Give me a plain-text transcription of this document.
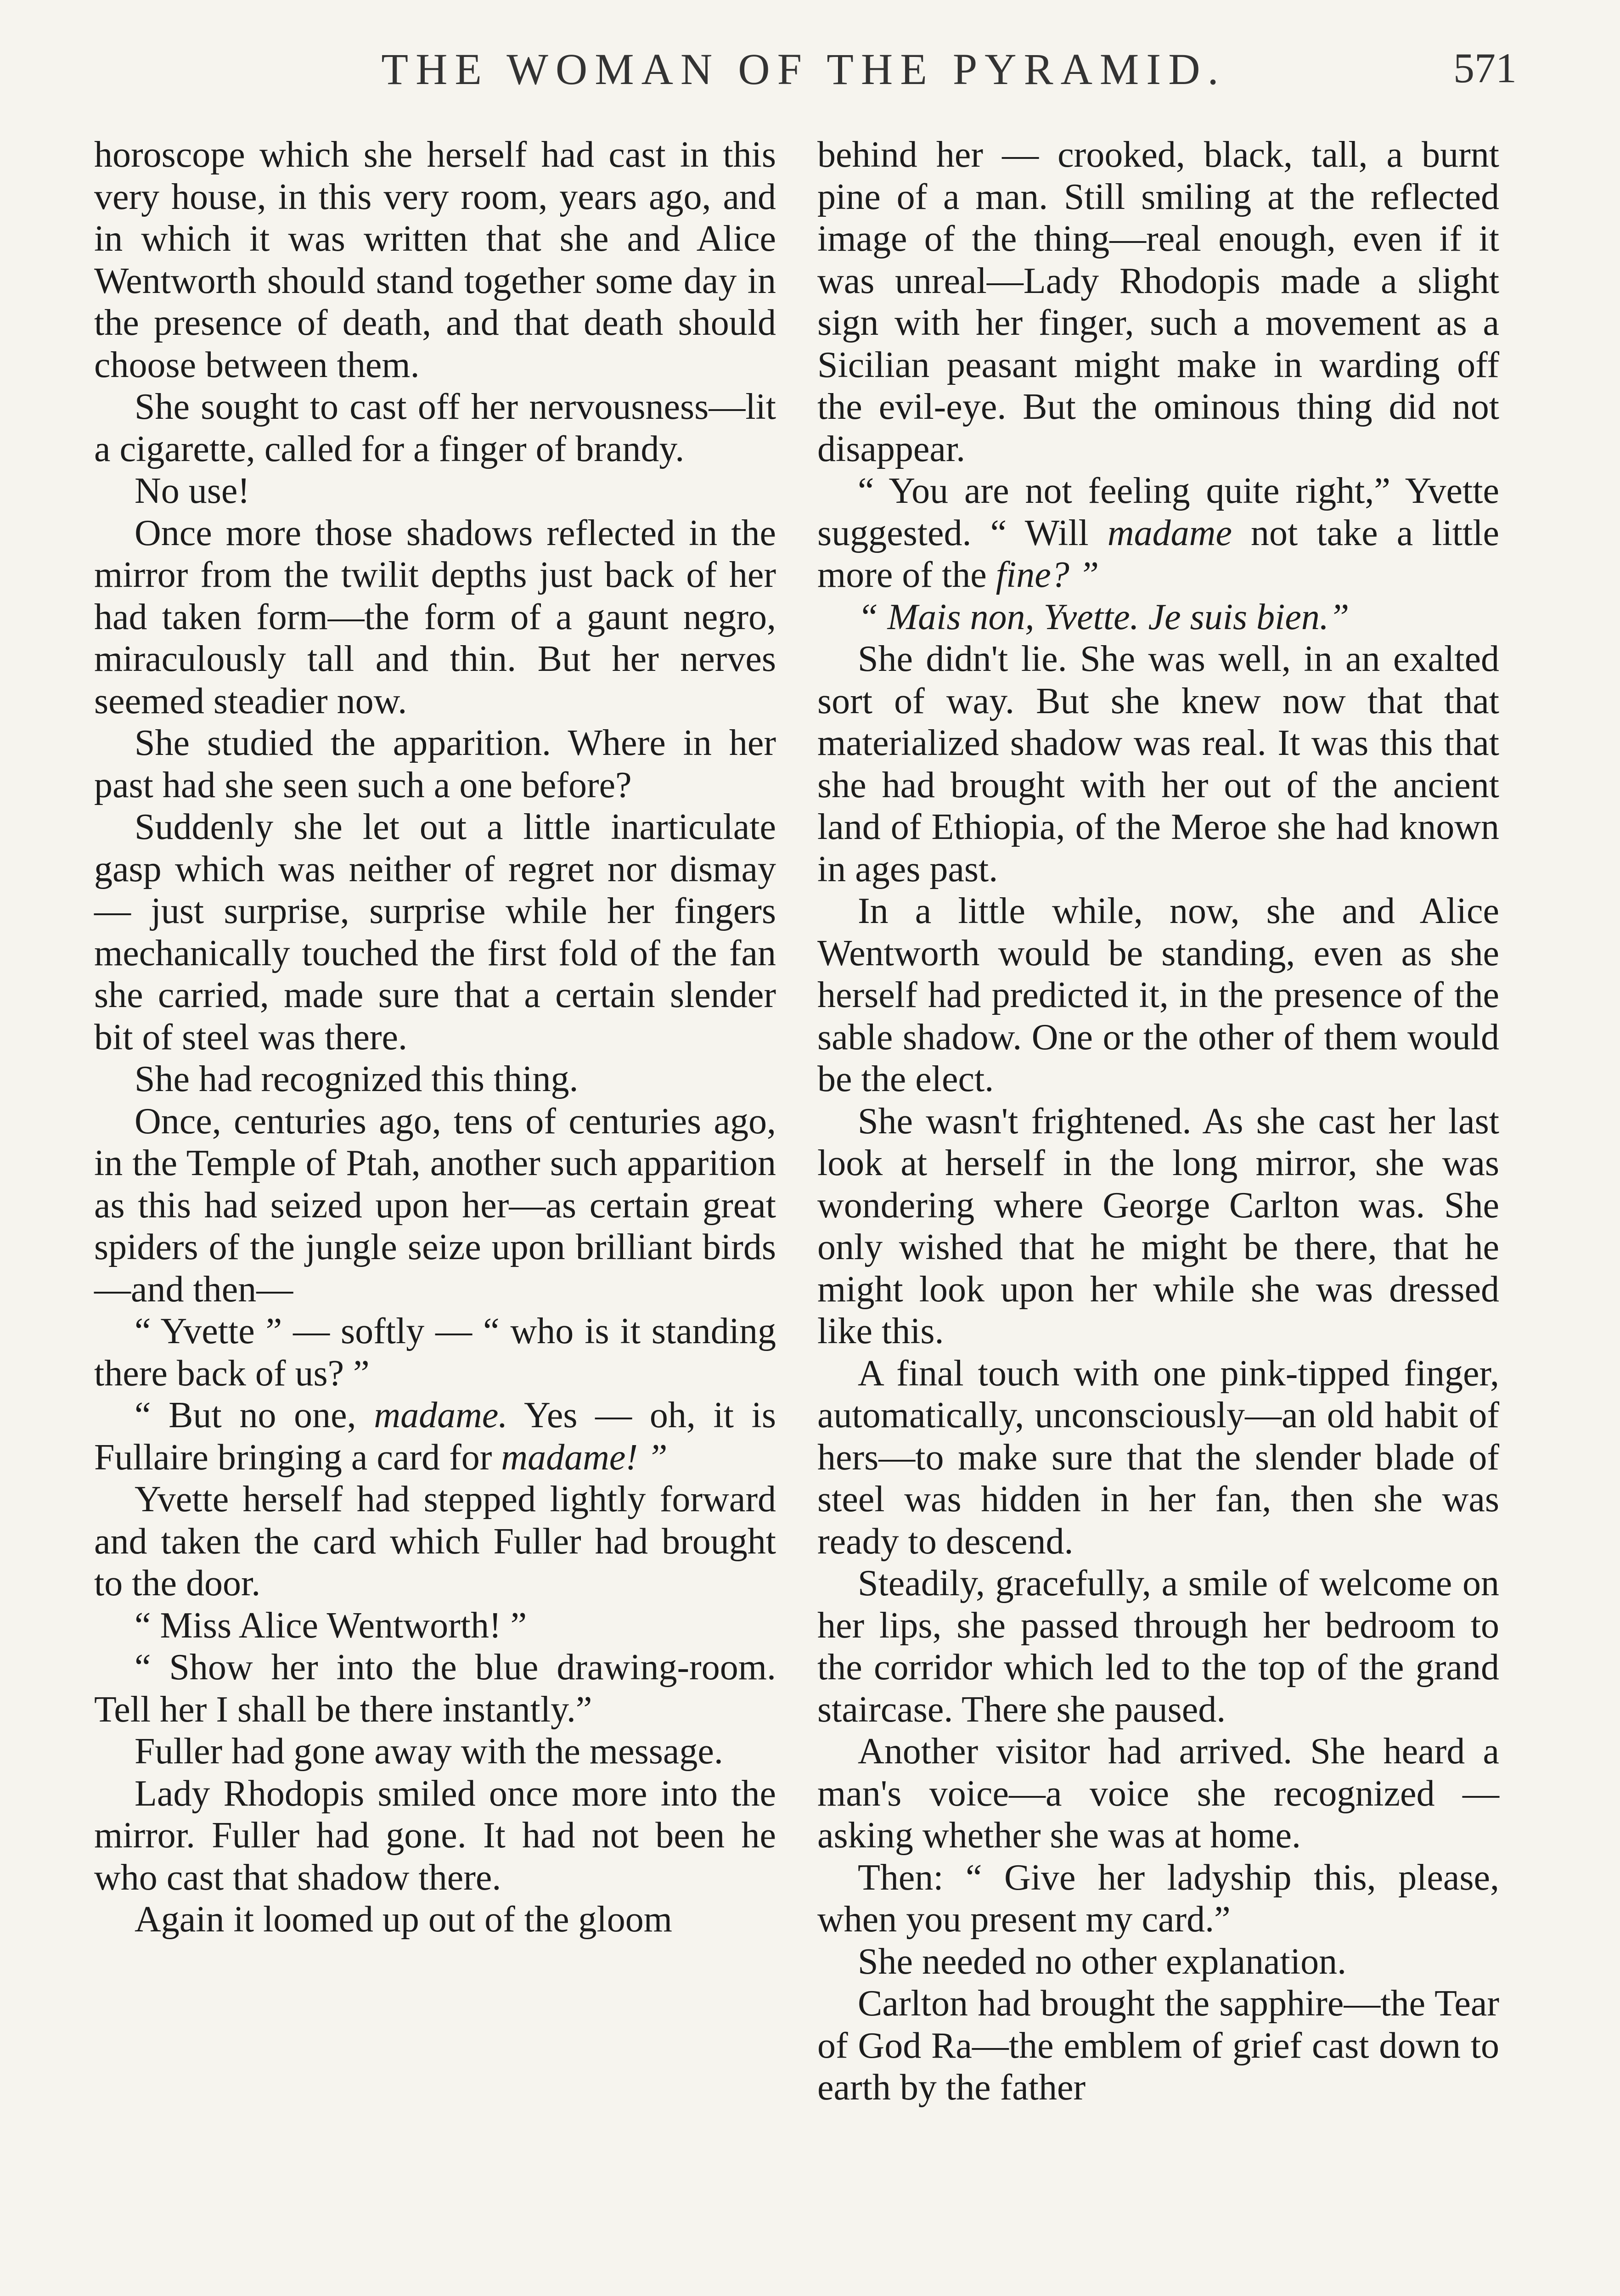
THE WOMAN OF THE PYRAMID.	571

horoscope which she herself had cast in this very house, in this very room, years ago, and in which it was written that she and Alice Wentworth should stand together some day in the presence of death, and that death should choose between them.

She sought to cast off her nervousness—lit a cigarette, called for a finger of brandy.

No use!

Once more those shadows reflected in the mirror from the twilit depths just back of her had taken form—the form of a gaunt negro, miraculously tall and thin. But her nerves seemed steadier now.

She studied the apparition. Where in her past had she seen such a one before?

Suddenly she let out a little inarticulate gasp which was neither of regret nor dismay — just surprise, surprise while her fingers mechanically touched the first fold of the fan she carried, made sure that a certain slender bit of steel was there.

She had recognized this thing.

Once, centuries ago, tens of centuries ago, in the Temple of Ptah, another such apparition as this had seized upon her—as certain great spiders of the jungle seize upon brilliant birds—and then—

“ Yvette ” — softly — “ who is it standing there back of us? ”

“ But no one, madame. Yes — oh, it is Fullaire bringing a card for madame! ”

Yvette herself had stepped lightly forward and taken the card which Fuller had brought to the door.

“ Miss Alice Wentworth! ”

“ Show her into the blue drawing-room. Tell her I shall be there instantly.”

Fuller had gone away with the message.

Lady Rhodopis smiled once more into the mirror. Fuller had gone. It had not been he who cast that shadow there.

Again it loomed up out of the gloom

behind her — crooked, black, tall, a burnt pine of a man. Still smiling at the reflected image of the thing—real enough, even if it was unreal—Lady Rhodopis made a slight sign with her finger, such a movement as a Sicilian peasant might make in warding off the evil-eye. But the ominous thing did not disappear.

“ You are not feeling quite right,” Yvette suggested. “ Will madame not take a little more of the fine? ”

“ Mais non, Yvette. Je suis bien.”

She didn't lie. She was well, in an exalted sort of way. But she knew now that that materialized shadow was real. It was this that she had brought with her out of the ancient land of Ethiopia, of the Meroe she had known in ages past.

In a little while, now, she and Alice Wentworth would be standing, even as she herself had predicted it, in the presence of the sable shadow. One or the other of them would be the elect.

She wasn't frightened. As she cast her last look at herself in the long mirror, she was wondering where George Carlton was. She only wished that he might be there, that he might look upon her while she was dressed like this.

A final touch with one pink-tipped finger, automatically, unconsciously—an old habit of hers—to make sure that the slender blade of steel was hidden in her fan, then she was ready to descend.

Steadily, gracefully, a smile of welcome on her lips, she passed through her bedroom to the corridor which led to the top of the grand staircase. There she paused.

Another visitor had arrived. She heard a man's voice—a voice she recognized — asking whether she was at home.

Then: “ Give her ladyship this, please, when you present my card.”

She needed no other explanation.

Carlton had brought the sapphire—the Tear of God Ra—the emblem of grief cast down to earth by the father
